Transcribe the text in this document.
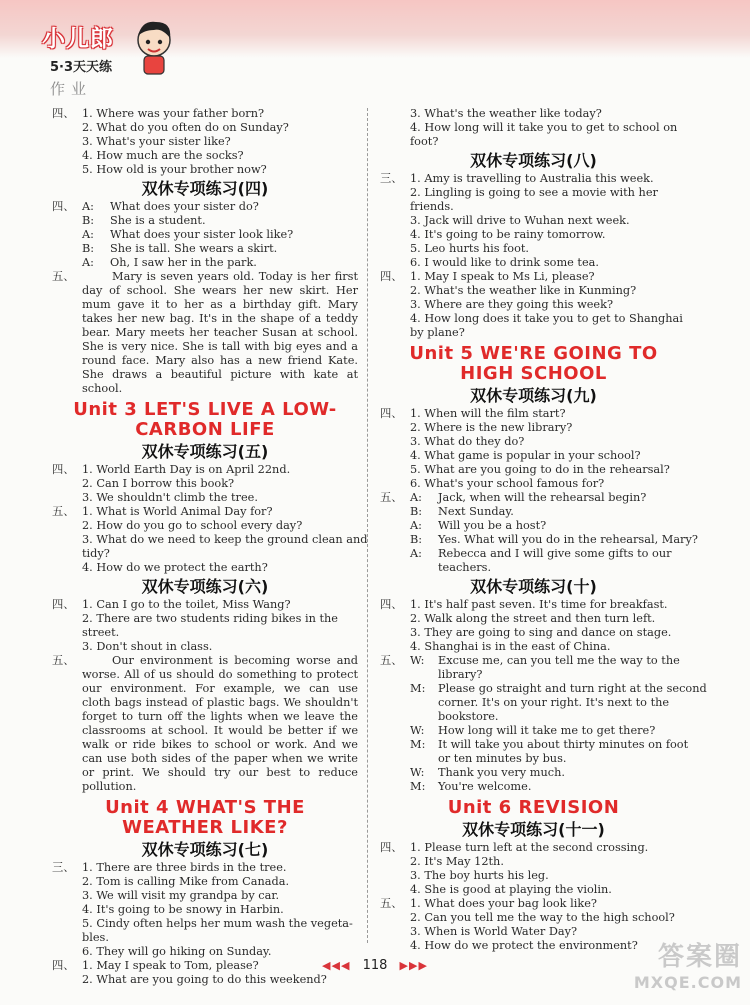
小儿郎
5·3天天练
作业
四、 1. Where was your father born?
2. What do you often do on Sunday?
3. What's your sister like?
4. How much are the socks?
5. How old is your brother now?
双休专项练习(四)
四、 A: What does your sister do?
B: She is a student.
A: What does your sister look like?
B: She is tall. She wears a skirt.
A: Oh, I saw her in the park.
五、	Mary is seven years old. Today is her first day of school. She wears her new skirt. Her mum gave it to her as a birthday gift. Mary takes her new bag. It's in the shape of a teddy bear. Mary meets her teacher Susan at school. She is very nice. She is tall with big eyes and a round face. Mary also has a new friend Kate. She draws a beautiful picture with kate at school.
Unit 3 LET'S LIVE A LOW-CARBON LIFE
双休专项练习(五)
四、 1. World Earth Day is on April 22nd.
2. Can I borrow this book?
3. We shouldn't climb the tree.
五、 1. What is World Animal Day for?
2. How do you go to school every day?
3. What do we need to keep the ground clean and
tidy?
4. How do we protect the earth?
双休专项练习(六)
四、 1. Can I go to the toilet, Miss Wang?
2. There are two students riding bikes in the
street.
3. Don't shout in class.
五、	Our environment is becoming worse and worse. All of us should do something to protect our environment. For example, we can use cloth bags instead of plastic bags. We shouldn't forget to turn off the lights when we leave the classrooms at school. It would be better if we walk or ride bikes to school or work. And we can use both sides of the paper when we write or print. We should try our best to reduce pollution.
Unit 4 WHAT'S THE WEATHER LIKE?
双休专项练习(七)
三、 1. There are three birds in the tree.
2. Tom is calling Mike from Canada.
3. We will visit my grandpa by car.
4. It's going to be snowy in Harbin.
5. Cindy often helps her mum wash the vegeta-
bles.
6. They will go hiking on Sunday.
四、 1. May I speak to Tom, please?
2. What are you going to do this weekend?
3. What's the weather like today?
4. How long will it take you to get to school on
foot?
双休专项练习(八)
三、 1. Amy is travelling to Australia this week.
2. Lingling is going to see a movie with her
friends.
3. Jack will drive to Wuhan next week.
4. It's going to be rainy tomorrow.
5. Leo hurts his foot.
6. I would like to drink some tea.
四、 1. May I speak to Ms Li, please?
2. What's the weather like in Kunming?
3. Where are they going this week?
4. How long does it take you to get to Shanghai
by plane?
Unit 5 WE'RE GOING TO HIGH SCHOOL
双休专项练习(九)
四、 1. When will the film start?
2. Where is the new library?
3. What do they do?
4. What game is popular in your school?
5. What are you going to do in the rehearsal?
6. What's your school famous for?
五、 A: Jack, when will the rehearsal begin?
B: Next Sunday.
A: Will you be a host?
B: Yes. What will you do in the rehearsal, Mary?
A: Rebecca and I will give some gifts to our
teachers.
双休专项练习(十)
四、 1. It's half past seven. It's time for breakfast.
2. Walk along the street and then turn left.
3. They are going to sing and dance on stage.
4. Shanghai is in the east of China.
五、 W: Excuse me, can you tell me the way to the
library?
M: Please go straight and turn right at the second
corner. It's on your right. It's next to the
bookstore.
W: How long will it take me to get there?
M: It will take you about thirty minutes on foot
or ten minutes by bus.
W: Thank you very much.
M: You're welcome.
Unit 6 REVISION
双休专项练习(十一)
四、 1. Please turn left at the second crossing.
2. It's May 12th.
3. The boy hurts his leg.
4. She is good at playing the violin.
五、 1. What does your bag look like?
2. Can you tell me the way to the high school?
3. When is World Water Day?
4. How do we protect the environment?
◀◀◀ 118 ▶▶▶	答案圈
MXQE.COM
